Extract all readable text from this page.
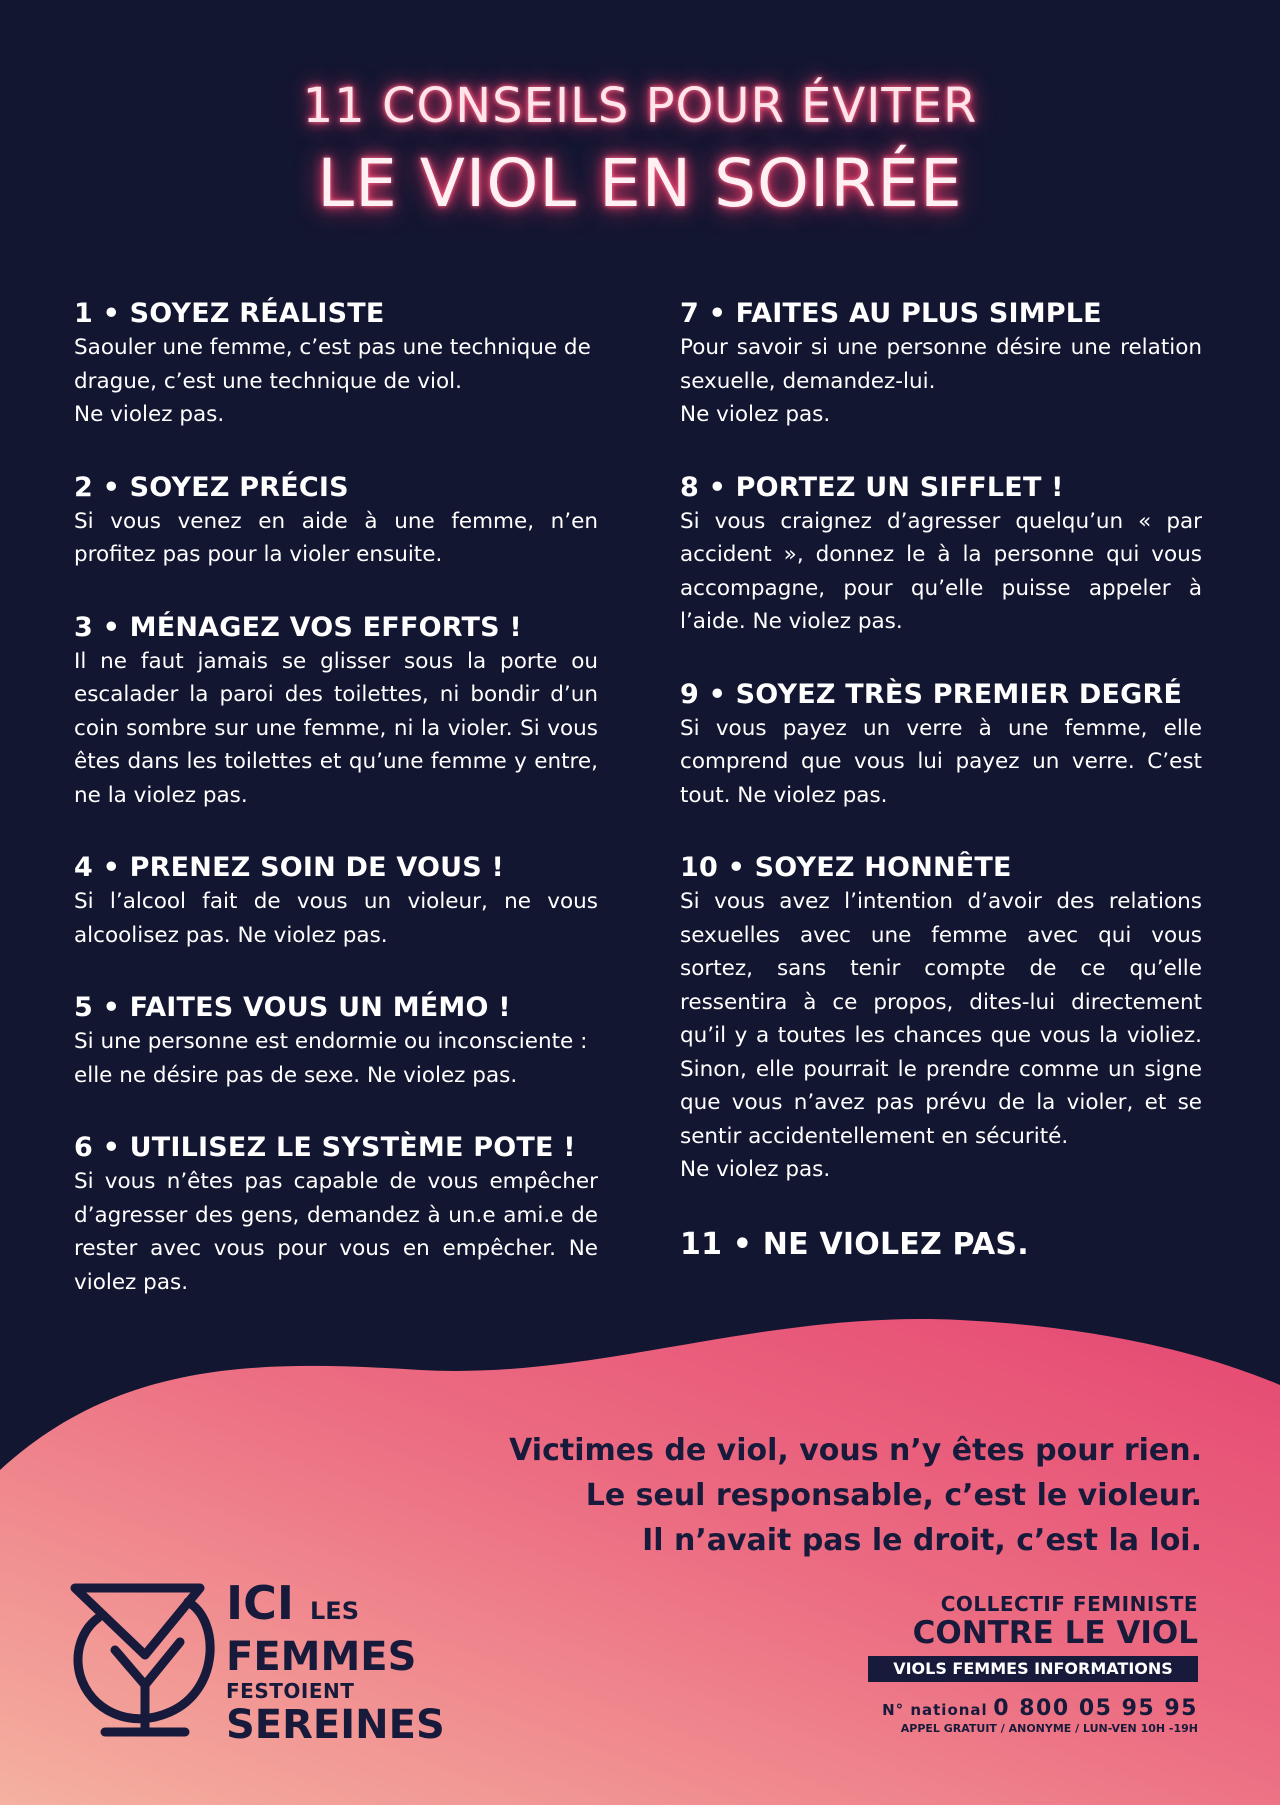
11 CONSEILS POUR ÉVITER
LE VIOL EN SOIRÉE
1 • SOYEZ RÉALISTE

Saouler une femme, c’est pas une technique de drague, c’est une technique de viol.

Ne violez pas.

2 • SOYEZ PRÉCIS

Si vous venez en aide à une femme, n’en profitez pas pour la violer ensuite.

3 • MÉNAGEZ VOS EFFORTS !

Il ne faut jamais se glisser sous la porte ou escalader la paroi des toilettes, ni bondir d’un coin sombre sur une femme, ni la violer. Si vous êtes dans les toilettes et qu’une femme y entre, ne la violez pas.

4 • PRENEZ SOIN DE VOUS !

Si l’alcool fait de vous un violeur, ne vous alcoolisez pas. Ne violez pas.

5 • FAITES VOUS UN MÉMO !

Si une personne est endormie ou inconsciente : elle ne désire pas de sexe. Ne violez pas.

6 • UTILISEZ LE SYSTÈME POTE !

Si vous n’êtes pas capable de vous empêcher d’agresser des gens, demandez à un.e ami.e de rester avec vous pour vous en empêcher. Ne violez pas.

7 • FAITES AU PLUS SIMPLE

Pour savoir si une personne désire une relation sexuelle, demandez-lui.

Ne violez pas.

8 • PORTEZ UN SIFFLET !

Si vous craignez d’agresser quelqu’un « par accident », donnez le à la personne qui vous accompagne, pour qu’elle puisse appeler à l’aide. Ne violez pas.

9 • SOYEZ TRÈS PREMIER DEGRÉ

Si vous payez un verre à une femme, elle comprend que vous lui payez un verre. C’est tout. Ne violez pas.

10 • SOYEZ HONNÊTE

Si vous avez l’intention d’avoir des relations sexuelles avec une femme avec qui vous sortez, sans tenir compte de ce qu’elle ressentira à ce propos, dites-lui directement qu’il y a toutes les chances que vous la violiez. Sinon, elle pourrait le prendre comme un signe que vous n’avez pas prévu de la violer, et se sentir accidentellement en sécurité.

Ne violez pas.

11 • NE VIOLEZ PAS.
Victimes de viol, vous n’y êtes pour rien.
Le seul responsable, c’est le violeur.
Il n’avait pas le droit, c’est la loi.
ICI LES
FEMMES
FESTOIENT
SEREINES
COLLECTIF FEMINISTE
CONTRE LE VIOL
VIOLS FEMMES INFORMATIONS
N° national 0 800 05 95 95
APPEL GRATUIT / ANONYME / LUN-VEN 10H -19H
